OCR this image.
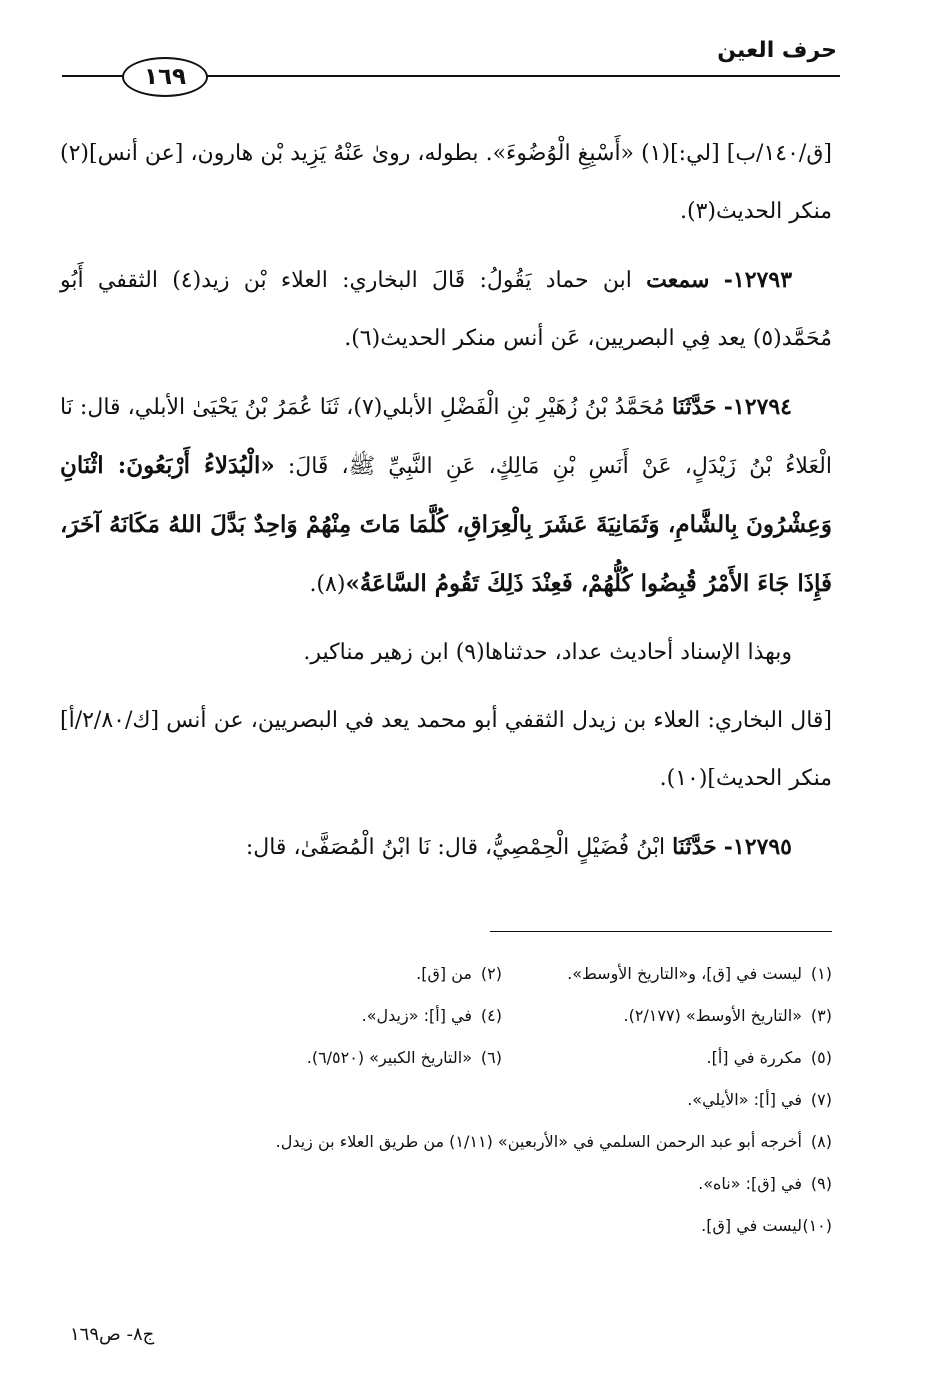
حرف العين
١٦٩

[ق/١٤٠/ب] [لي:](١) «أَسْبِغِ الْوُضُوءَ». بطوله، روىٰ عَنْهُ يَزِيد بْن هارون، [عن أنس](٢) منكر الحديث(٣).

١٢٧٩٣- سمعت ابن حماد يَقُولُ: قَالَ البخاري: العلاء بْن زيد(٤) الثقفي أَبُو مُحَمَّد(٥) يعد فِي البصريين، عَن أنس منكر الحديث(٦).

١٢٧٩٤- حَدَّثَنَا مُحَمَّدُ بْنُ زُهَيْرِ بْنِ الْفَضْلِ الأبلي(٧)، ثَنَا عُمَرُ بْنُ يَحْيَىٰ الأبلي، قال: نَا الْعَلاءُ بْنُ زَيْدَلٍ، عَنْ أَنَسِ بْنِ مَالِكٍ، عَنِ النَّبِيِّ ﷺ، قَالَ: «الْبُدَلاءُ أَرْبَعُونَ: اثْنَانِ وَعِشْرُونَ بِالشَّامِ، وَثَمَانِيَةَ عَشَرَ بِالْعِرَاقِ، كُلَّمَا مَاتَ مِنْهُمْ وَاحِدٌ بَدَّلَ اللهُ مَكَانَهُ آخَرَ، فَإِذَا جَاءَ الأَمْرُ قُبِضُوا كُلُّهُمْ، فَعِنْدَ ذَلِكَ تَقُومُ السَّاعَةُ»(٨).

وبهذا الإسناد أحاديث عداد، حدثناها(٩) ابن زهير مناكير.

[قال البخاري: العلاء بن زيدل الثقفي أبو محمد يعد في البصريين، عن أنس [ك/٢/٨٠/أ] منكر الحديث](١٠).

١٢٧٩٥- حَدَّثَنَا ابْنُ فُضَيْلٍ الْحِمْصِيُّ، قال: نَا ابْنُ الْمُصَفَّىٰ، قال:

(١)ليست في [ق]، و«التاريخ الأوسط».
(٢)من [ق].
(٣)«التاريخ الأوسط» (٢/١٧٧).
(٤)في [أ]: «زيدل».
(٥)مكررة في [أ].
(٦)«التاريخ الكبير» (٦/٥٢٠).
(٧)في [أ]: «الأيلي».
(٨)أخرجه أبو عبد الرحمن السلمي في «الأربعين» (١/١١) من طريق العلاء بن زيدل.
(٩)في [ق]: «ناه».
(١٠)ليست في [ق].
ج٨- ص١٦٩
